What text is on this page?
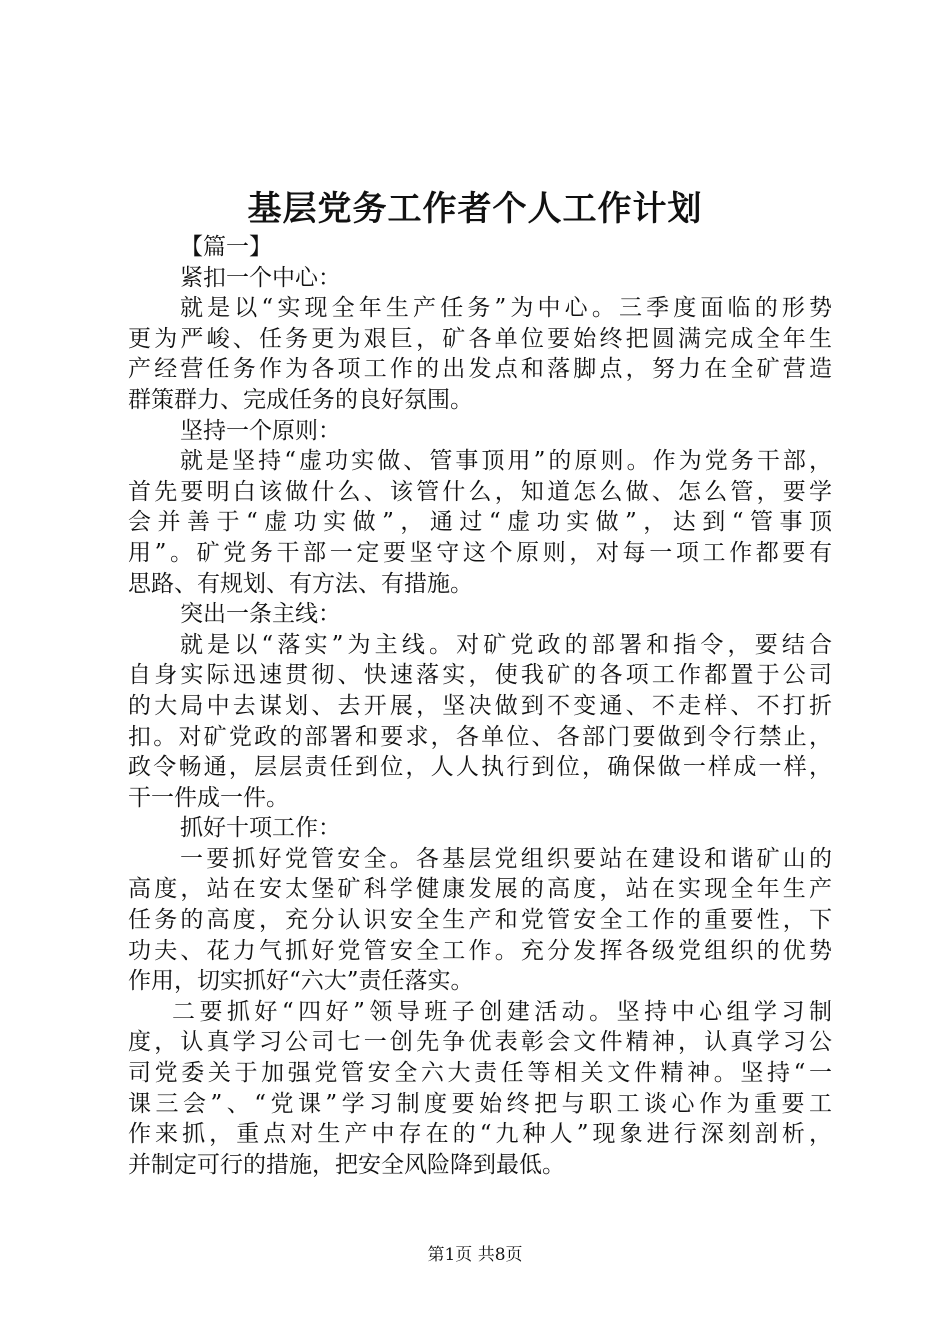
基层党务工作者个人工作计划
【篇一】
紧扣一个中心：
就是以“实现全年生产任务”为中心。三季度面临的形势
更为严峻、任务更为艰巨，矿各单位要始终把圆满完成全年生
产经营任务作为各项工作的出发点和落脚点，努力在全矿营造
群策群力、完成任务的良好氛围。
坚持一个原则：
就是坚持“虚功实做、管事顶用”的原则。作为党务干部，
首先要明白该做什么、该管什么，知道怎么做、怎么管，要学
会并善于“虚功实做”，通过“虚功实做”，达到“管事顶
用”。矿党务干部一定要坚守这个原则，对每一项工作都要有
思路、有规划、有方法、有措施。
突出一条主线：
就是以“落实”为主线。对矿党政的部署和指令，要结合
自身实际迅速贯彻、快速落实，使我矿的各项工作都置于公司
的大局中去谋划、去开展，坚决做到不变通、不走样、不打折
扣。对矿党政的部署和要求，各单位、各部门要做到令行禁止，
政令畅通，层层责任到位，人人执行到位，确保做一样成一样，
干一件成一件。
抓好十项工作：
一要抓好党管安全。各基层党组织要站在建设和谐矿山的
高度，站在安太堡矿科学健康发展的高度，站在实现全年生产
任务的高度，充分认识安全生产和党管安全工作的重要性，下
功夫、花力气抓好党管安全工作。充分发挥各级党组织的优势
作用，切实抓好“六大”责任落实。
二要抓好“四好”领导班子创建活动。坚持中心组学习制
度，认真学习公司七一创先争优表彰会文件精神，认真学习公
司党委关于加强党管安全六大责任等相关文件精神。坚持“一
课三会”、“党课”学习制度要始终把与职工谈心作为重要工
作来抓，重点对生产中存在的“九种人”现象进行深刻剖析，
并制定可行的措施，把安全风险降到最低。
第1页 共8页
